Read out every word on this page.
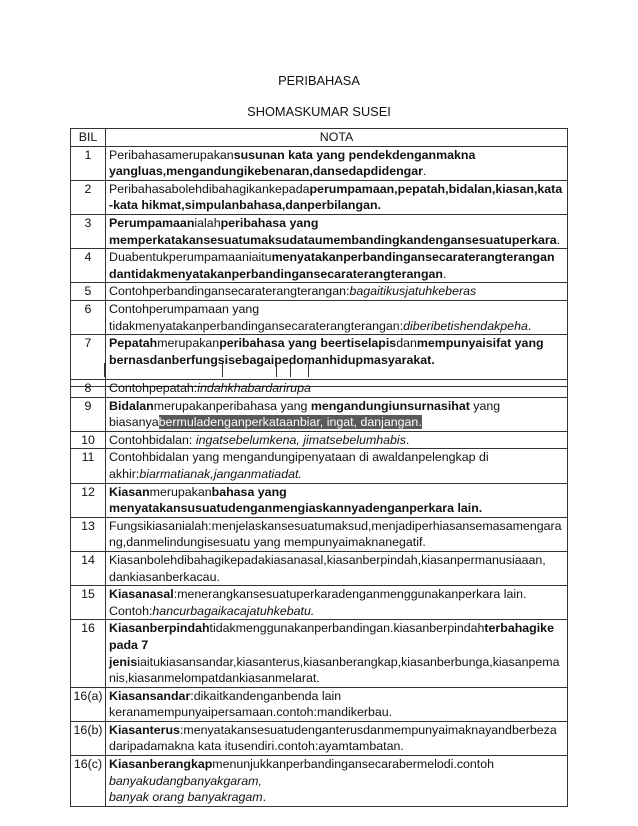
PERIBAHASA
SHOMASKUMAR SUSEI
BIL	NOTA
1	Peribahasamerupakansusunan kata yang pendekdenganmakna yangluas,mengandungikebenaran,dansedapdidengar.
2	Peribahasabolehdibahagikankepadaperumpamaan,pepatah,bidalan,kiasan,kata-kata hikmat,simpulanbahasa,danperbilangan.
3	Perumpamaanialahperibahasa yang memperkatakansesuatumaksudataumembandingkandengansesuatuperkara.
4	Duabentukperumpamaaniaitumenyatakanperbandingansecaraterangterangan dantidakmenyatakanperbandingansecaraterangterangan.
5	Contohperbandingansecaraterangterangan:bagaitikusjatuhkeberas
6	Contohperumpamaan yang tidakmenyatakanperbandingansecaraterangterangan:diberibetishendakpeha.
7	Pepatahmerupakanperibahasa yang beertiselapisdanmempunyaisifat yang bernasdanberfungsisebagaipedomanhidupmasyarakat.
8	Contohpepatah:indahkhabardarirupa
9	Bidalanmerupakanperibahasa yang mengandungiunsurnasihat yang biasanyabermuladenganperkataanbiar, ingat, danjangan.
10	Contohbidalan: ingatsebelumkena, jimatsebelumhabis.
11	Contohbidalan yang mengandungipenyataan di awaldanpelengkap di akhir:biarmatianak,janganmatiadat.
12	Kiasanmerupakanbahasa yang menyatakansusuatudenganmengiaskannyadenganperkara lain.
13	Fungsikiasanialah:menjelaskansesuatumaksud,menjadiperhiasansemasamengarang,danmelindungisesuatu yang mempunyaimaknanegatif.
14	Kiasanbolehdibahagikepadakiasanasal,kiasanberpindah,kiasanpermanusiaaan, dankiasanberkacau.
15	Kiasanasal:menerangkansesuatuperkaradenganmenggunakanperkara lain.
Contoh:hancurbagaikacajatuhkebatu.
16	Kiasanberpindahtidakmenggunakanperbandingan.kiasanberpindahterbahagike pada 7 jenisiaitukiasansandar,kiasanterus,kiasanberangkap,kiasanberbunga,kiasanpemanis,kiasanmelompatdankiasanmelarat.
16(a)	Kiasansandar:dikaitkandenganbenda lain keranamempunyaipersamaan.contoh:mandikerbau.
16(b)	Kiasanterus:menyatakansesuatudenganterusdanmempunyaimaknayandberbeza daripadamakna kata itusendiri.contoh:ayamtambatan.
16(c)	Kiasanberangkapmenunjukkanperbandingansecarabermelodi.contoh banyakudangbanyakgaram,
banyak orang banyakragam.
